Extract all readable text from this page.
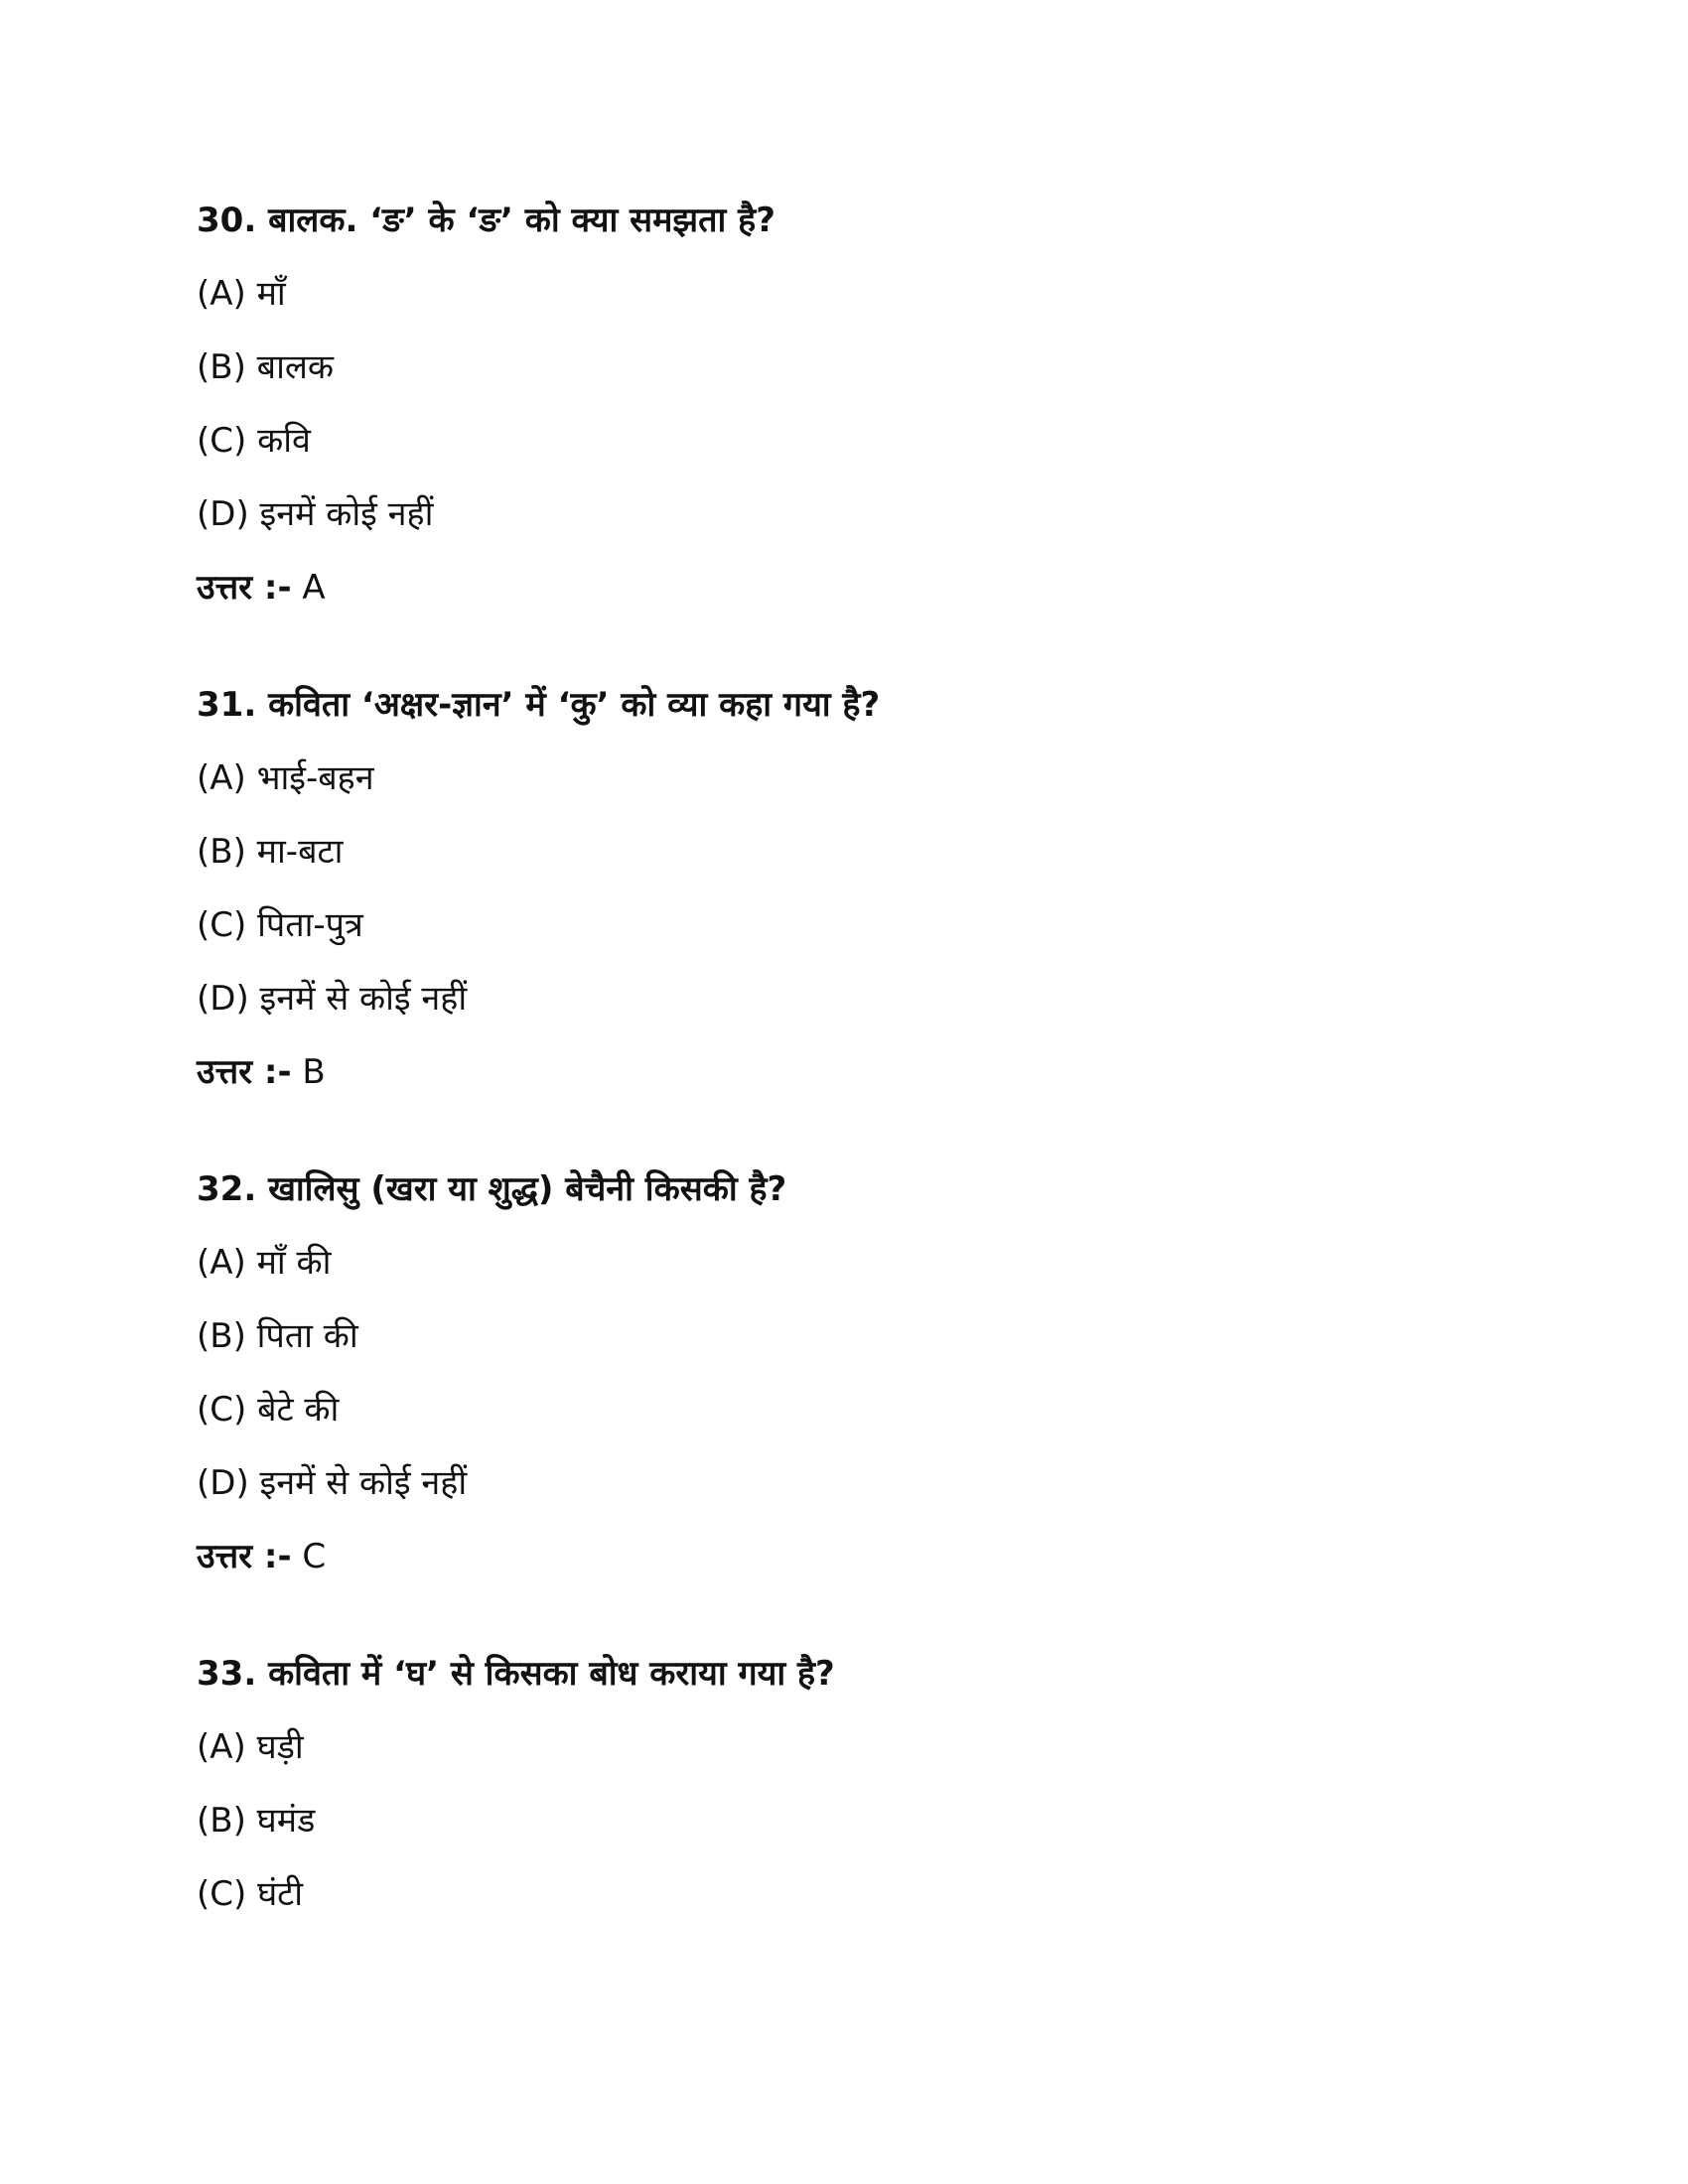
30. बालक. ‘ङ’ के ‘ङ’ को क्या समझता है?
(A) माँ
(B) बालक
(C) कवि
(D) इनमें कोई नहीं
उत्तर :- A
31. कविता ‘अक्षर-ज्ञान’ में ‘कु’ को व्या कहा गया है?
(A) भाई-बहन
(B) मा-बटा
(C) पिता-पुत्र
(D) इनमें से कोई नहीं
उत्तर :- B
32. खालिसु (खरा या शुद्ध) बेचैनी किसकी है?
(A) माँ की
(B) पिता की
(C) बेटे की
(D) इनमें से कोई नहीं
उत्तर :- C
33. कविता में ‘घ’ से किसका बोध कराया गया है?
(A) घड़ी
(B) घमंड
(C) घंटी
